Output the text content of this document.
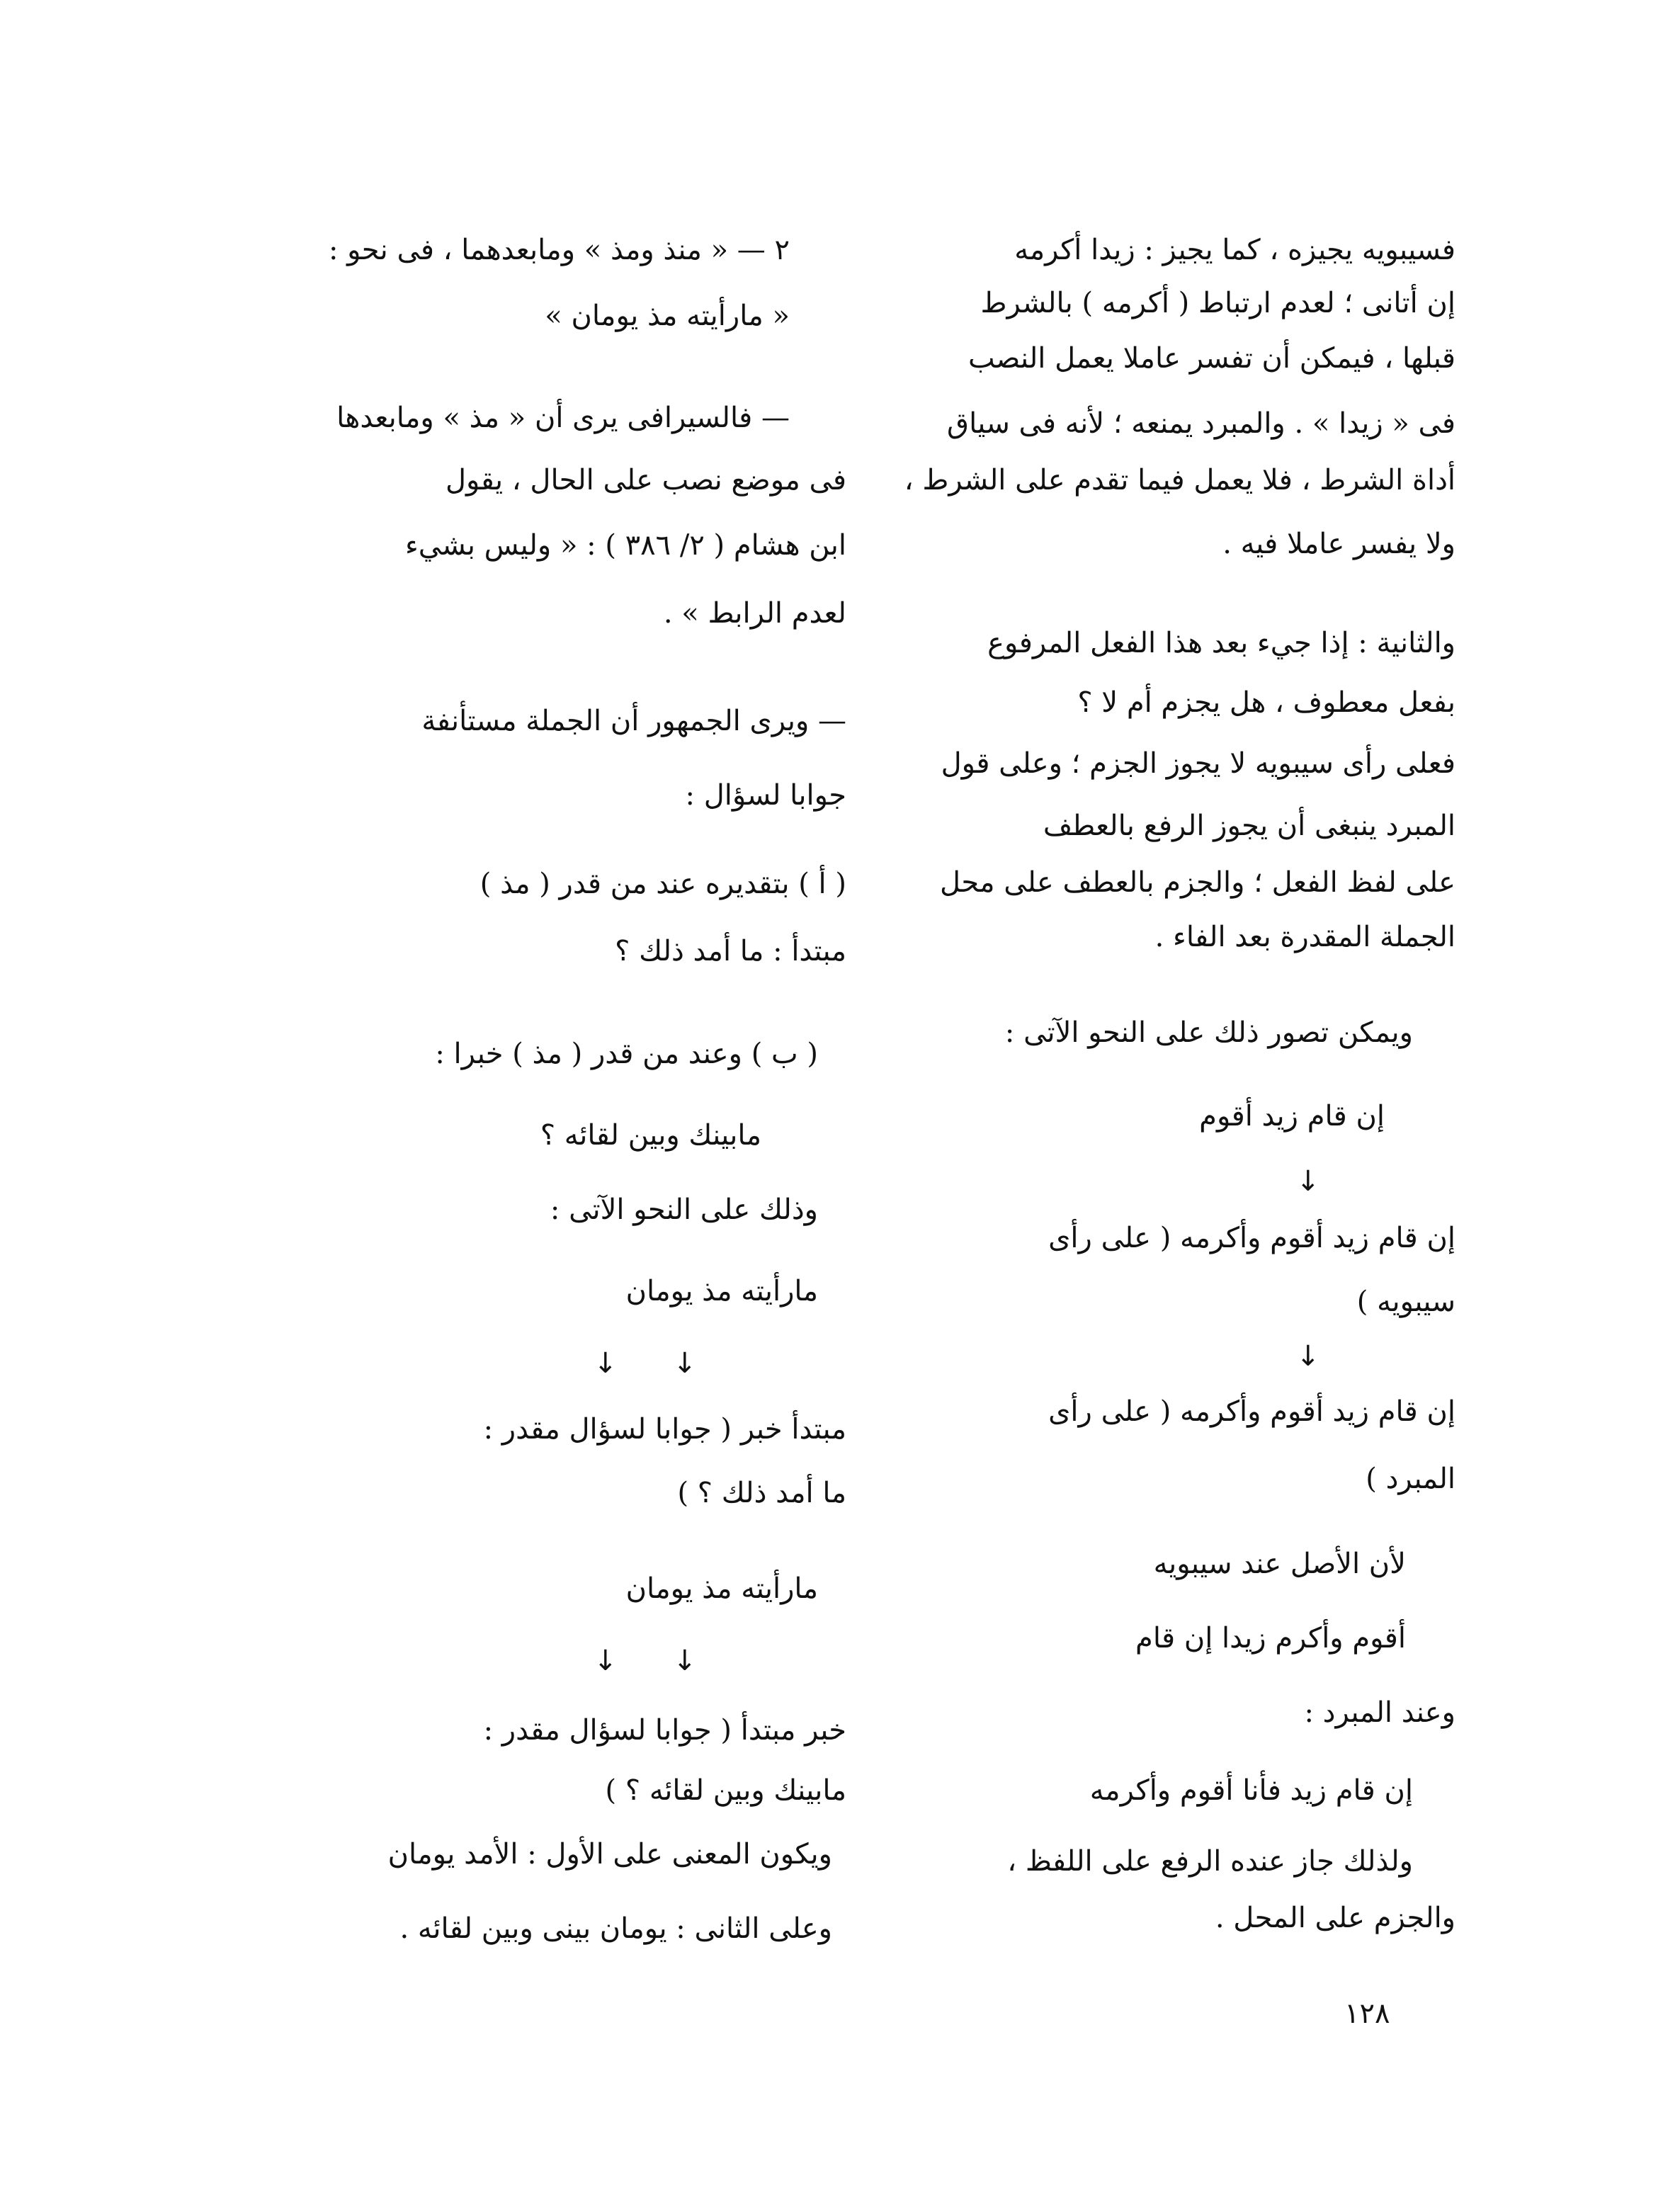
فسيبويه يجيزه ، كما يجيز : زيدا أكرمه
إن أتانى ؛ لعدم ارتباط ( أكرمه ) بالشرط
قبلها ، فيمكن أن تفسر عاملا يعمل النصب
فى « زيدا » . والمبرد يمنعه ؛ لأنه فى سياق
أداة الشرط ، فلا يعمل فيما تقدم على الشرط ،
ولا يفسر عاملا فيه .
والثانية : إذا جيء بعد هذا الفعل المرفوع
بفعل معطوف ، هل يجزم أم لا ؟
فعلى رأى سيبويه لا يجوز الجزم ؛ وعلى قول
المبرد ينبغى أن يجوز الرفع بالعطف
على لفظ الفعل ؛ والجزم بالعطف على محل
الجملة المقدرة بعد الفاء .
ويمكن تصور ذلك على النحو الآتى :
إن قام زيد أقوم
↓
إن قام زيد أقوم وأكرمه ( على رأى
سيبويه )
↓
إن قام زيد أقوم وأكرمه ( على رأى
المبرد )
لأن الأصل عند سيبويه
أقوم وأكرم زيدا إن قام
وعند المبرد :
إن قام زيد فأنا أقوم وأكرمه
ولذلك جاز عنده الرفع على اللفظ ،
والجزم على المحل .
٢ — « منذ ومذ » ومابعدهما ، فى نحو :
« مارأيته مذ يومان »
— فالسيرافى يرى أن « مذ » ومابعدها
فى موضع نصب على الحال ، يقول
ابن هشام ( ٢/ ٣٨٦ ) : « وليس بشيء
لعدم الرابط » .
— ويرى الجمهور أن الجملة مستأنفة
جوابا لسؤال :
( أ ) بتقديره عند من قدر ( مذ )
مبتدأ : ما أمد ذلك ؟
( ب ) وعند من قدر ( مذ ) خبرا :
مابينك وبين لقائه ؟
وذلك على النحو الآتى :
مارأيته مذ يومان
↓ ↓
مبتدأ خبر ( جوابا لسؤال مقدر :
ما أمد ذلك ؟ )
مارأيته مذ يومان
↓ ↓
خبر مبتدأ ( جوابا لسؤال مقدر :
مابينك وبين لقائه ؟ )
ويكون المعنى على الأول : الأمد يومان
وعلى الثانى : يومان بينى وبين لقائه .
١٢٨
